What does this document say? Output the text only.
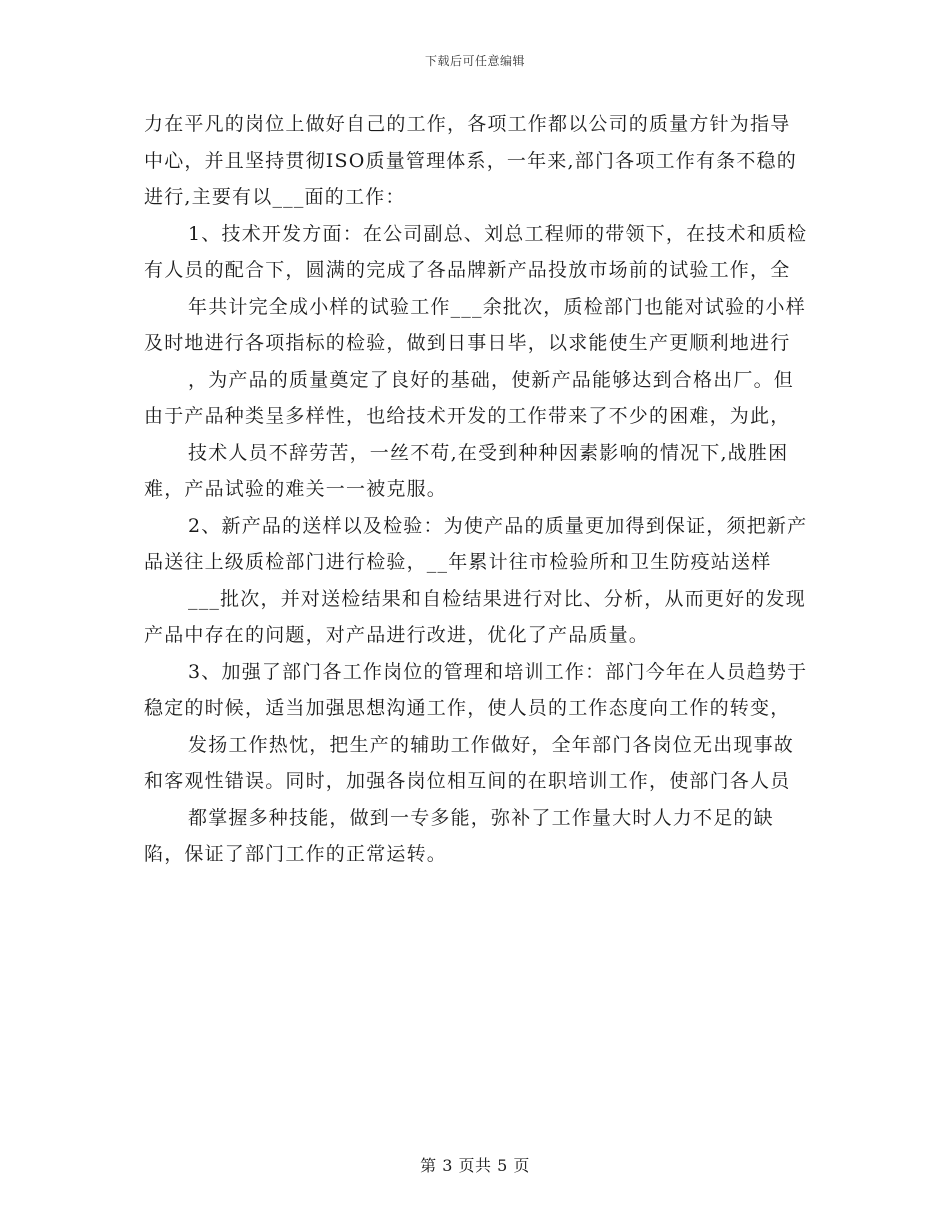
下载后可任意编辑

力在平凡的岗位上做好自己的工作，各项工作都以公司的质量方针为指导中心，并且坚持贯彻ISO质量管理体系，一年来,部门各项工作有条不稳的进行,主要有以___面的工作：

1、技术开发方面：在公司副总、刘总工程师的带领下，在技术和质检有人员的配合下，圆满的完成了各品牌新产品投放市场前的试验工作，全

年共计完全成小样的试验工作___余批次，质检部门也能对试验的小样及时地进行各项指标的检验，做到日事日毕，以求能使生产更顺利地进行

，为产品的质量奠定了良好的基础，使新产品能够达到合格出厂。但由于产品种类呈多样性，也给技术开发的工作带来了不少的困难，为此，

技术人员不辞劳苦，一丝不苟,在受到种种因素影响的情况下,战胜困难，产品试验的难关一一被克服。

2、新产品的送样以及检验：为使产品的质量更加得到保证，须把新产品送往上级质检部门进行检验，__年累计往市检验所和卫生防疫站送样

___批次，并对送检结果和自检结果进行对比、分析，从而更好的发现产品中存在的问题，对产品进行改进，优化了产品质量。

3、加强了部门各工作岗位的管理和培训工作：部门今年在人员趋势于稳定的时候，适当加强思想沟通工作，使人员的工作态度向工作的转变，

发扬工作热忱，把生产的辅助工作做好，全年部门各岗位无出现事故和客观性错误。同时，加强各岗位相互间的在职培训工作，使部门各人员

都掌握多种技能，做到一专多能，弥补了工作量大时人力不足的缺陷，保证了部门工作的正常运转。

第 3 页共 5 页
